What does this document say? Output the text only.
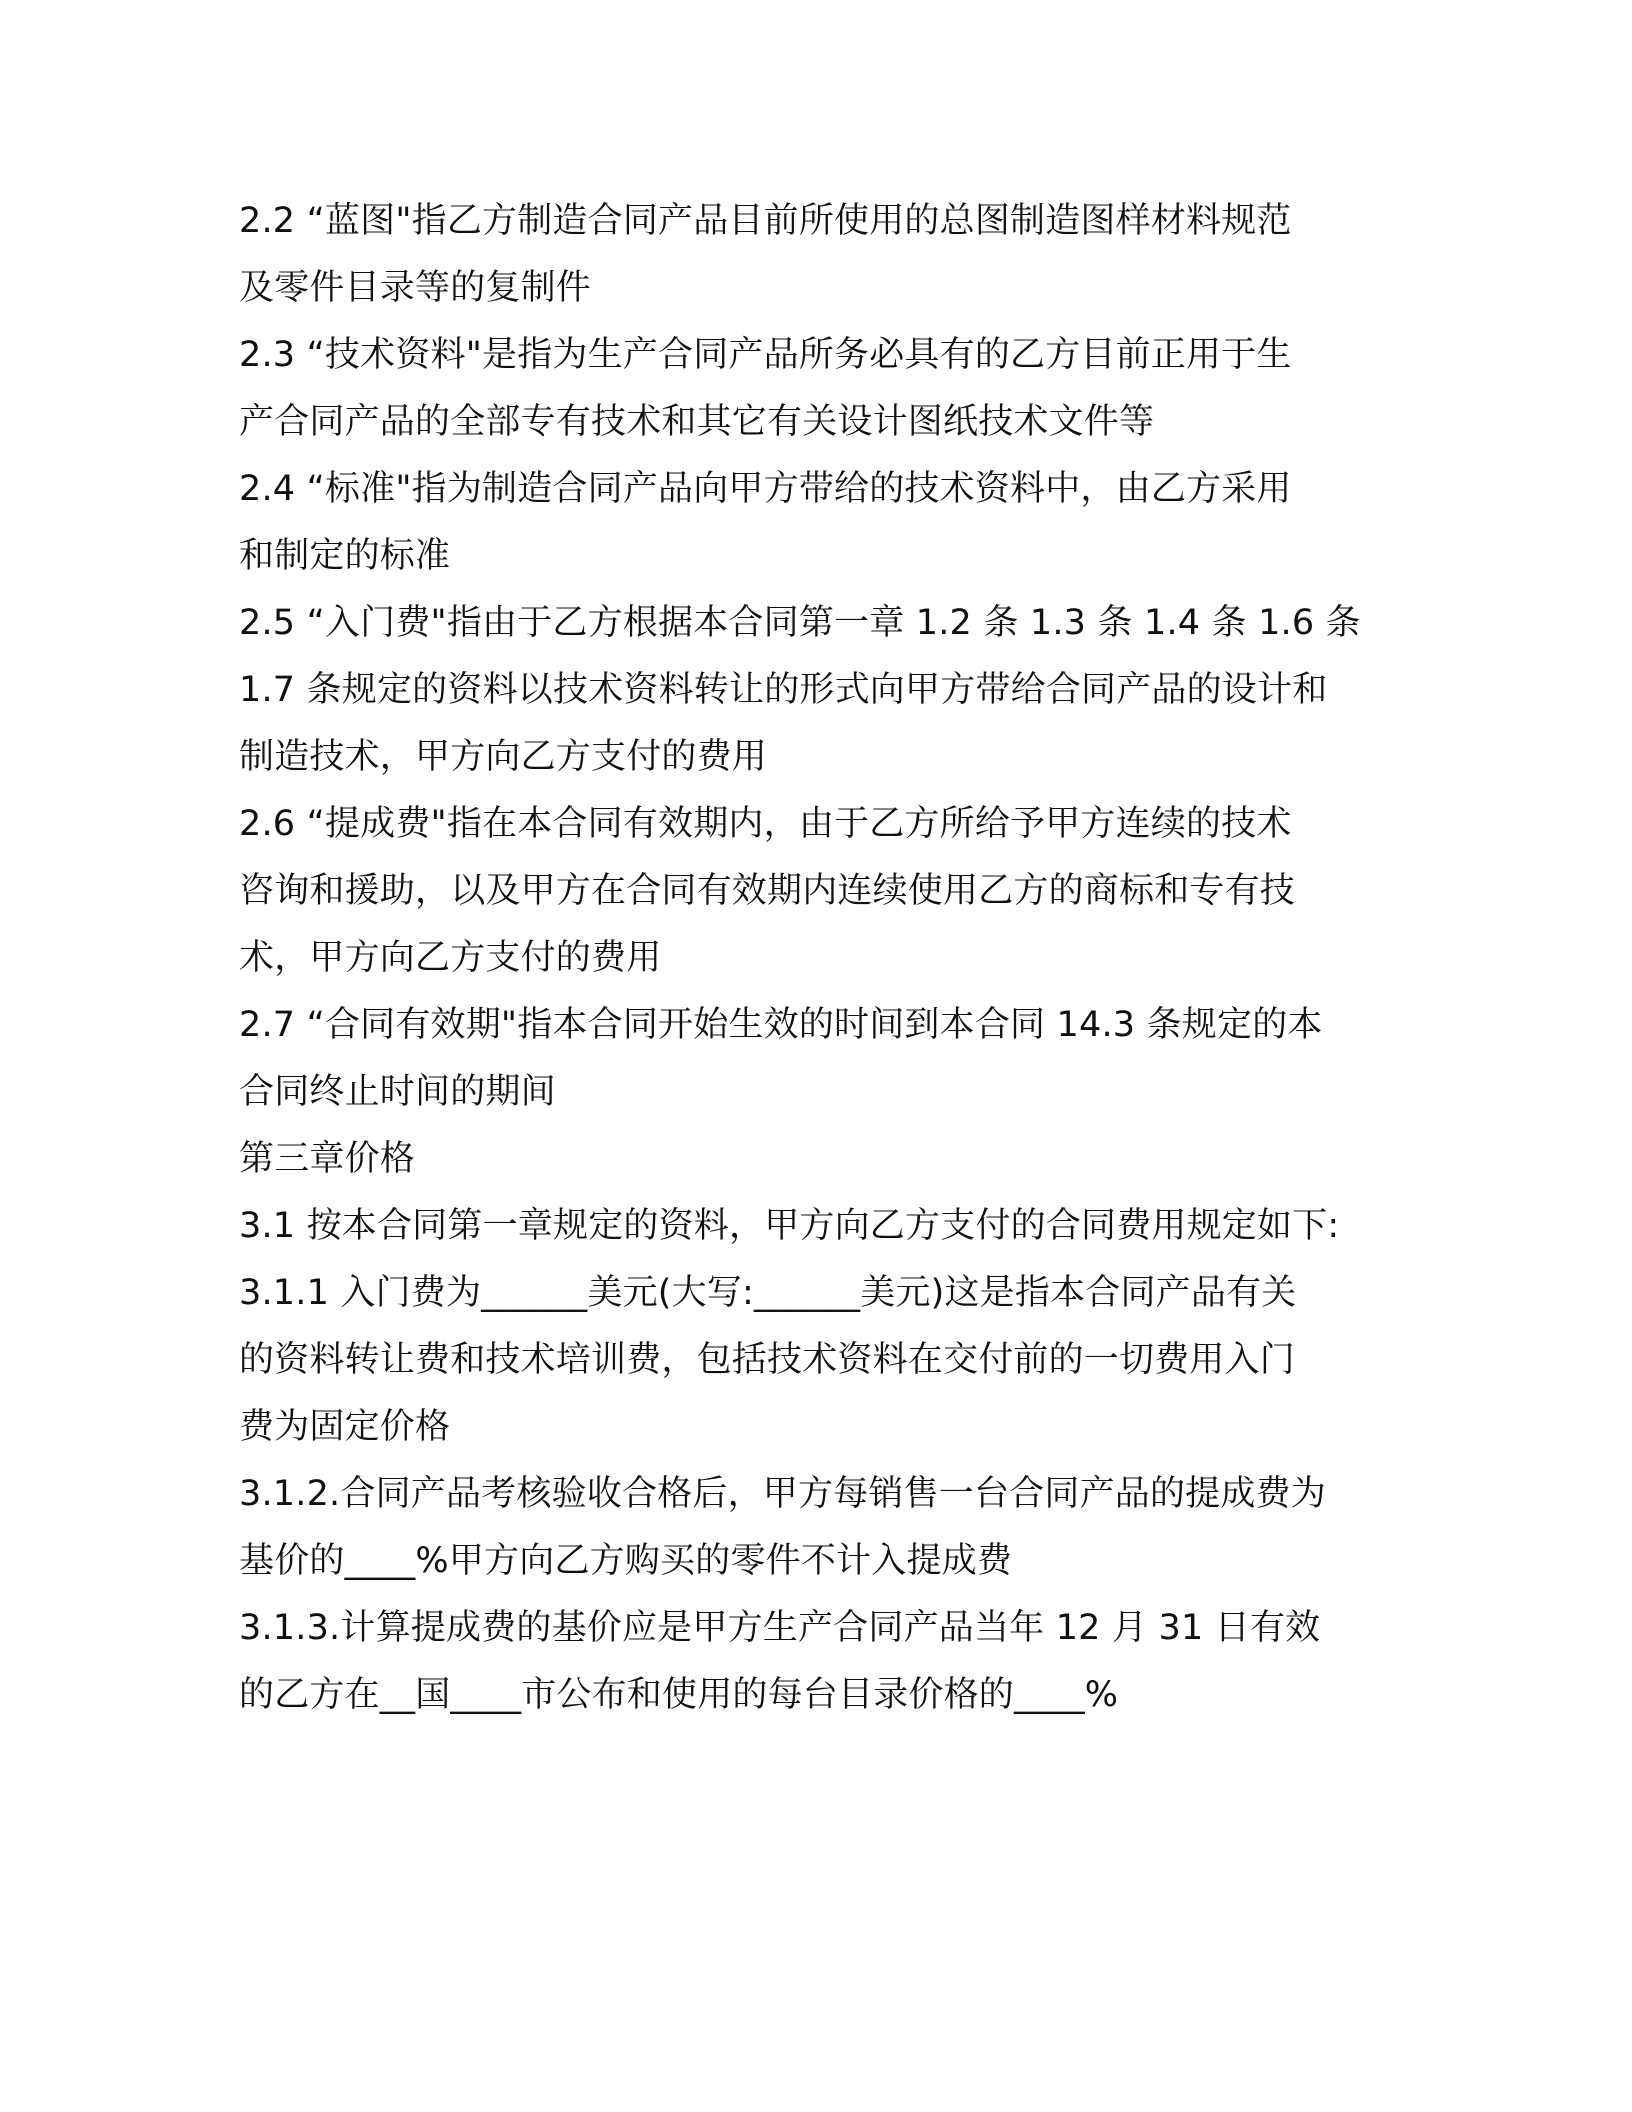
2.2 “蓝图"指乙方制造合同产品目前所使用的总图制造图样材料规范
及零件目录等的复制件
2.3 “技术资料"是指为生产合同产品所务必具有的乙方目前正用于生
产合同产品的全部专有技术和其它有关设计图纸技术文件等
2.4 “标准"指为制造合同产品向甲方带给的技术资料中，由乙方采用
和制定的标准
2.5 “入门费"指由于乙方根据本合同第一章 1.2 条 1.3 条 1.4 条 1.6 条
1.7 条规定的资料以技术资料转让的形式向甲方带给合同产品的设计和
制造技术，甲方向乙方支付的费用
2.6 “提成费"指在本合同有效期内，由于乙方所给予甲方连续的技术
咨询和援助，以及甲方在合同有效期内连续使用乙方的商标和专有技
术，甲方向乙方支付的费用
2.7 “合同有效期"指本合同开始生效的时间到本合同 14.3 条规定的本
合同终止时间的期间
第三章价格
3.1 按本合同第一章规定的资料，甲方向乙方支付的合同费用规定如下:
3.1.1 入门费为______美元(大写:______美元)这是指本合同产品有关
的资料转让费和技术培训费，包括技术资料在交付前的一切费用入门
费为固定价格
3.1.2.合同产品考核验收合格后，甲方每销售一台合同产品的提成费为
基价的____%甲方向乙方购买的零件不计入提成费
3.1.3.计算提成费的基价应是甲方生产合同产品当年 12 月 31 日有效
的乙方在__国____市公布和使用的每台目录价格的____%
